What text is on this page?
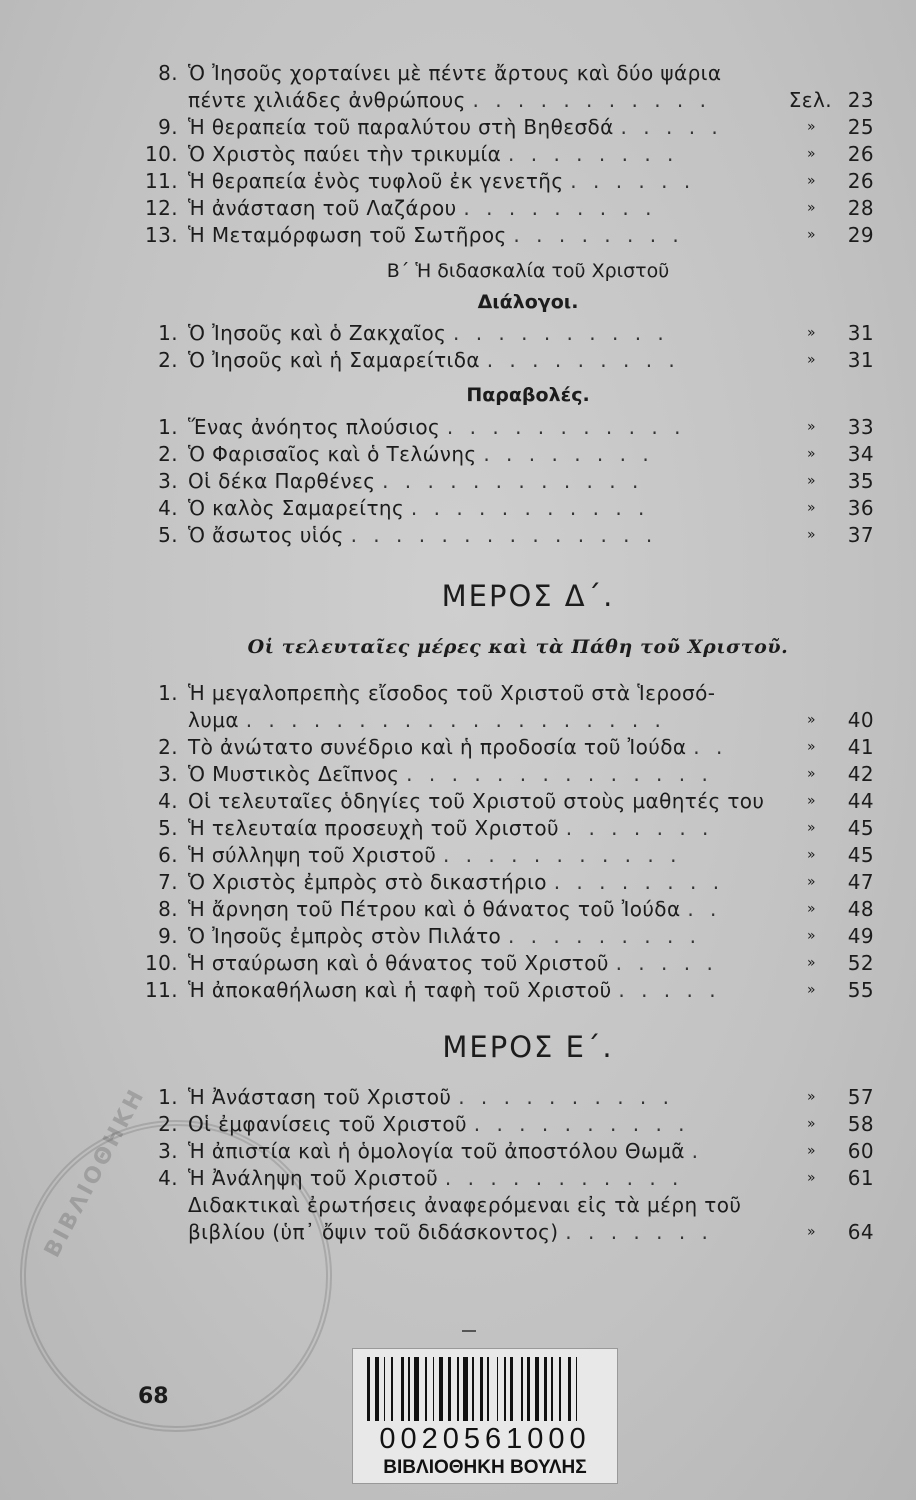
ΒΙΒΛΙΟΘΗΚΗ
8. Ὁ Ἰησοῦς χορταίνει μὲ πέντε ἄρτους καὶ δύο ψάρια
πέντε χιλιάδες ἀνθρώπους . . . . . . . . . . .	Σελ. 23
9. Ἡ θεραπεία τοῦ παραλύτου στὴ Βηθεσδά . . . . .	» 25
10. Ὁ Χριστὸς παύει τὴν τρικυμία . . . . . . . .	» 26
11. Ἡ θεραπεία ἑνὸς τυφλοῦ ἐκ γενετῆς . . . . . .	» 26
12. Ἡ ἀνάσταση τοῦ Λαζάρου . . . . . . . . .	» 28
13. Ἡ Μεταμόρφωση τοῦ Σωτῆρος . . . . . . . .	» 29
Β΄ Ἡ διδασκαλία τοῦ Χριστοῦ
Διάλογοι.
1. Ὁ Ἰησοῦς καὶ ὁ Ζακχαῖος . . . . . . . . . .	» 31
2. Ὁ Ἰησοῦς καὶ ἡ Σαμαρείτιδα . . . . . . . . .	» 31
Παραβολές.
1. Ἕνας ἀνόητος πλούσιος . . . . . . . . . . .	» 33
2. Ὁ Φαρισαῖος καὶ ὁ Τελώνης . . . . . . . .	» 34
3. Οἱ δέκα Παρθένες . . . . . . . . . . . .	» 35
4. Ὁ καλὸς Σαμαρείτης . . . . . . . . . . .	» 36
5. Ὁ ἄσωτος υἱός . . . . . . . . . . . . . .	» 37
ΜΕΡΟΣ Δ΄.
Οἱ τελευταῖες μέρες καὶ τὰ Πάθη τοῦ Χριστοῦ.
1. Ἡ μεγαλοπρεπὴς εἴσοδος τοῦ Χριστοῦ στὰ Ἱεροσό-
λυμα . . . . . . . . . . . . . . . . . . .	» 40
2. Τὸ ἀνώτατο συνέδριο καὶ ἡ προδοσία τοῦ Ἰούδα . .	» 41
3. Ὁ Μυστικὸς Δεῖπνος . . . . . . . . . . . . . .	» 42
4. Οἱ τελευταῖες ὁδηγίες τοῦ Χριστοῦ στοὺς μαθητές του	» 44
5. Ἡ τελευταία προσευχὴ τοῦ Χριστοῦ . . . . . . .	» 45
6. Ἡ σύλληψη τοῦ Χριστοῦ . . . . . . . . . . .	» 45
7. Ὁ Χριστὸς ἐμπρὸς στὸ δικαστήριο . . . . . . . .	» 47
8. Ἡ ἄρνηση τοῦ Πέτρου καὶ ὁ θάνατος τοῦ Ἰούδα . .	» 48
9. Ὁ Ἰησοῦς ἐμπρὸς στὸν Πιλάτο . . . . . . . . .	» 49
10. Ἡ σταύρωση καὶ ὁ θάνατος τοῦ Χριστοῦ . . . . .	» 52
11. Ἡ ἀποκαθήλωση καὶ ἡ ταφὴ τοῦ Χριστοῦ . . . . .	» 55
ΜΕΡΟΣ Ε΄.
1. Ἡ Ἀνάσταση τοῦ Χριστοῦ . . . . . . . . . .	» 57
2. Οἱ ἐμφανίσεις τοῦ Χριστοῦ . . . . . . . . . .	» 58
3. Ἡ ἀπιστία καὶ ἡ ὁμολογία τοῦ ἀποστόλου Θωμᾶ .	» 60
4. Ἡ Ἀνάληψη τοῦ Χριστοῦ . . . . . . . . . . .	» 61
Διδακτικαὶ ἐρωτήσεις ἀναφερόμεναι εἰς τὰ μέρη τοῦ
βιβλίου (ὑπ᾿ ὄψιν τοῦ διδάσκοντος) . . . . . . .	» 64
68
0020561000
ΒΙΒΛΙΟΘΗΚΗ ΒΟΥΛΗΣ
